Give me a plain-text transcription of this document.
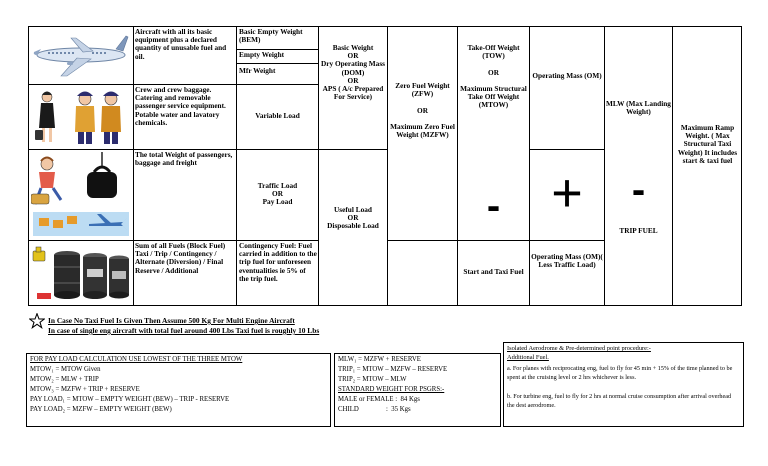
Aircraft with all its basic equipment plus a declared quantity of unusable fuel and oil.
Crew and crew baggage. Catering and removable passenger service equipment. Potable water and lavatory chemicals.
The total Weight of passengers, baggage and freight
Sum of all Fuels (Block Fuel) Taxi / Trip / Contingency / Alternate (Diversion) / Final Reserve / Additional
Basic Empty Weight (BEM)
Empty Weight
Mfr Weight
Variable Load
Traffic Load
OR
Pay Load
Contingency Fuel: Fuel carried in addition to the trip fuel for unforeseen eventualities ie 5% of the trip fuel.
Basic Weight
OR
Dry Operating Mass (DOM)
OR
APS ( A/c Prepared For Service)
Useful Load
OR
Disposable Load
Zero Fuel Weight (ZFW)

OR

Maximum Zero Fuel Weight (MZFW)
Take-Off Weight (TOW)

OR

Maximum Structural Take Off Weight (MTOW)
-
Start and Taxi Fuel
Operating Mass (OM)
+
Operating Mass (OM)( Less Traffic Load)
MLW (Max Landing Weight)
-
TRIP FUEL
Maximum Ramp Weight. ( Max Structural Taxi Weight) It includes start & taxi fuel
In Case No Taxi Fuel Is Given Then Assume 500 Kg For Multi Engine Aircraft
In case of single eng aircraft with total fuel around 400 Lbs Taxi fuel is roughly 10 Lbs
FOR PAY LOAD CALCULATION USE LOWEST OF THE THREE MTOW
MTOW₁ = MTOW Given
MTOW₂ = MLW + TRIP
MTOW₃ = MZFW + TRIP + RESERVE
PAY LOAD₁ = MTOW – EMPTY WEIGHT (BEW) – TRIP - RESERVE
PAY LOAD₂ = MZFW – EMPTY WEIGHT (BEW)
MLW₁ = MZFW + RESERVE
TRIP₁ = MTOW – MZFW – RESERVE
TRIP₂ = MTOW – MLW
STANDARD WEIGHT FOR PSGRS:-
MALE or FEMALE :  84 Kgs
CHILD                :  35 Kgs
Isolated Aerodrome & Pre-determined point procedure:-
Additional Fuel.
a. For planes with reciprocating eng, fuel to fly for 45 min + 15% of the time planned to be spent at the cruising level or 2 hrs whichever is less.
b. For turbine eng, fuel to fly for 2 hrs at normal cruise consumption after arrival overhead the dest aerodrome.
